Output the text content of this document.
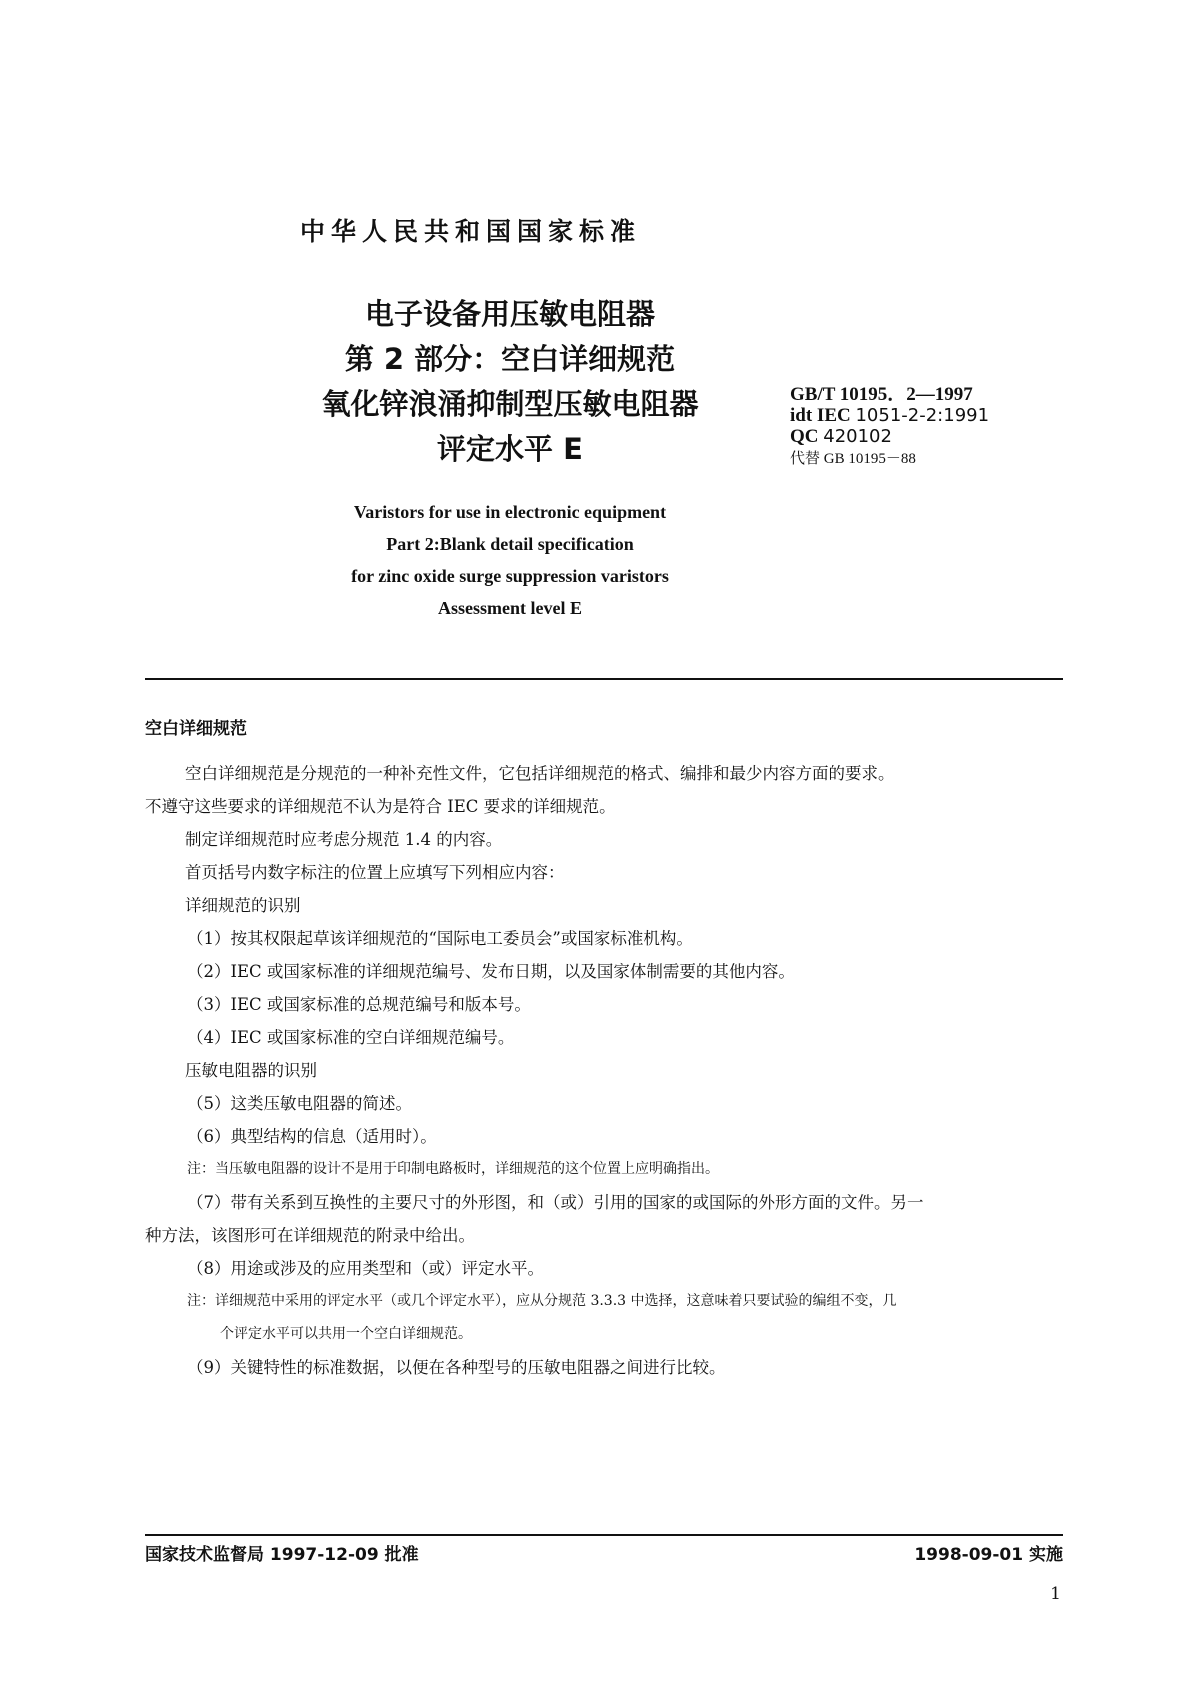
中华人民共和国国家标准
电子设备用压敏电阻器
第 2 部分：空白详细规范
氧化锌浪涌抑制型压敏电阻器
评定水平 E
GB/T 10195．2—1997
idt IEC 1051-2-2:1991
QC 420102
代替 GB 10195－88
Varistors for use in electronic equipment
Part 2:Blank detail specification
for zinc oxide surge suppression varistors
Assessment level E
空白详细规范

空白详细规范是分规范的一种补充性文件，它包括详细规范的格式、编排和最少内容方面的要求。

不遵守这些要求的详细规范不认为是符合 IEC 要求的详细规范。

制定详细规范时应考虑分规范 1.4 的内容。

首页括号内数字标注的位置上应填写下列相应内容：

详细规范的识别

（1）按其权限起草该详细规范的“国际电工委员会”或国家标准机构。

（2）IEC 或国家标准的详细规范编号、发布日期，以及国家体制需要的其他内容。

（3）IEC 或国家标准的总规范编号和版本号。

（4）IEC 或国家标准的空白详细规范编号。

压敏电阻器的识别

（5）这类压敏电阻器的简述。

（6）典型结构的信息（适用时）。

注：当压敏电阻器的设计不是用于印制电路板时，详细规范的这个位置上应明确指出。

（7）带有关系到互换性的主要尺寸的外形图，和（或）引用的国家的或国际的外形方面的文件。另一

种方法，该图形可在详细规范的附录中给出。

（8）用途或涉及的应用类型和（或）评定水平。

注：详细规范中采用的评定水平（或几个评定水平），应从分规范 3.3.3 中选择，这意味着只要试验的编组不变，几

个评定水平可以共用一个空白详细规范。

（9）关键特性的标准数据，以便在各种型号的压敏电阻器之间进行比较。

国家技术监督局 1997-12-09 批准	1998-09-01 实施
1
